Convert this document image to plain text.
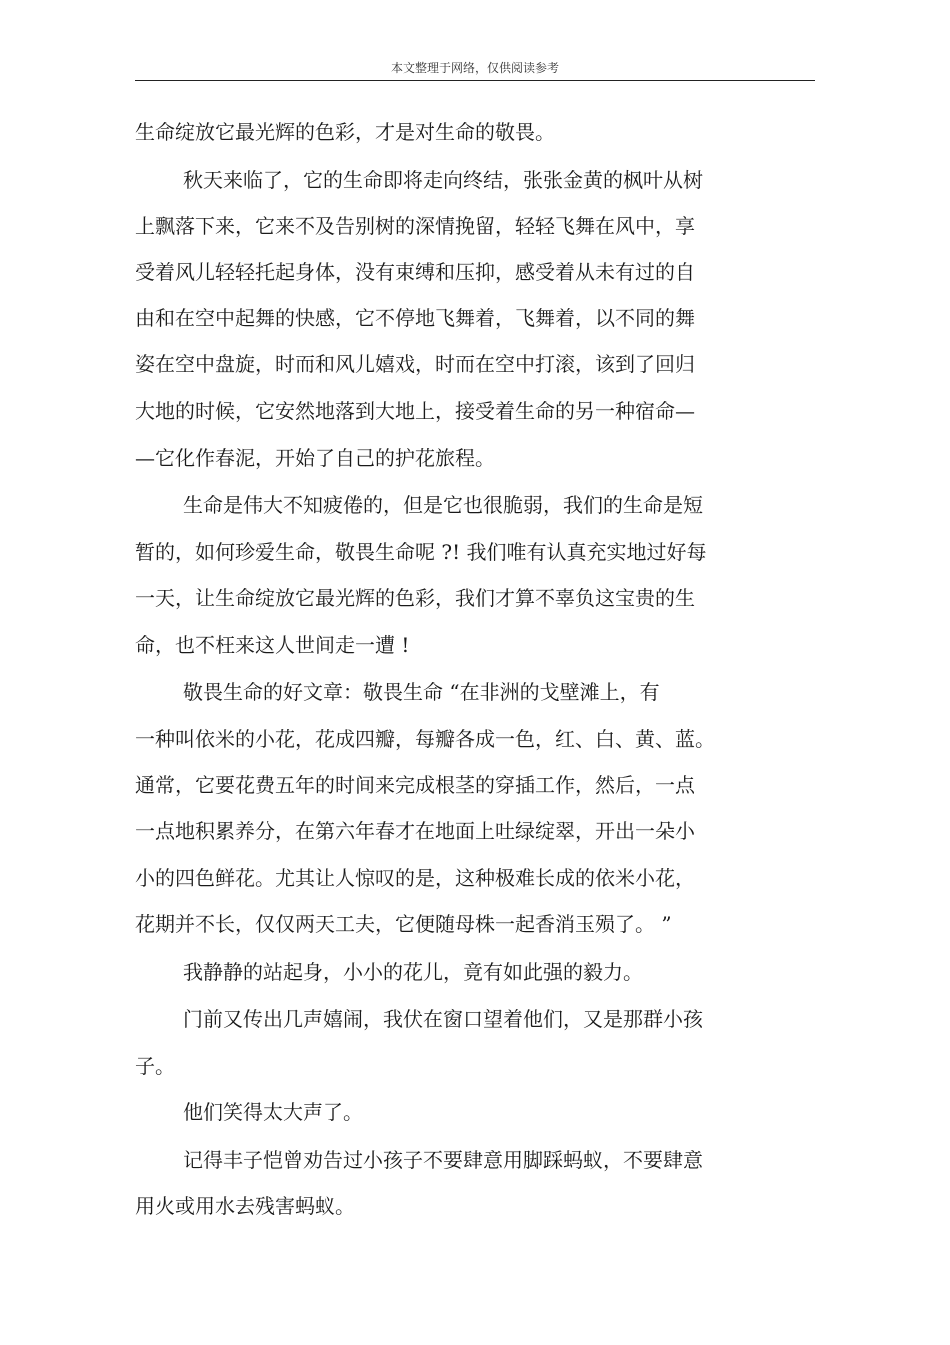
本文整理于网络，仅供阅读参考
生命绽放它最光辉的色彩，才是对生命的敬畏。
秋天来临了，它的生命即将走向终结，张张金黄的枫叶从树
上飘落下来，它来不及告别树的深情挽留，轻轻飞舞在风中，享
受着风儿轻轻托起身体，没有束缚和压抑，感受着从未有过的自
由和在空中起舞的快感，它不停地飞舞着，飞舞着，以不同的舞
姿在空中盘旋，时而和风儿嬉戏，时而在空中打滚，该到了回归
大地的时候，它安然地落到大地上，接受着生命的另一种宿命—
—它化作春泥，开始了自己的护花旅程。
生命是伟大不知疲倦的，但是它也很脆弱，我们的生命是短
暂的，如何珍爱生命，敬畏生命呢 ?! 我们唯有认真充实地过好每
一天，让生命绽放它最光辉的色彩，我们才算不辜负这宝贵的生
命，也不枉来这人世间走一遭 !
敬畏生命的好文章：敬畏生命 “在非洲的戈壁滩上，有
一种叫依米的小花，花成四瓣，每瓣各成一色，红、白、黄、蓝。
通常，它要花费五年的时间来完成根茎的穿插工作，然后，一点
一点地积累养分，在第六年春才在地面上吐绿绽翠，开出一朵小
小的四色鲜花。尤其让人惊叹的是，这种极难长成的依米小花，
花期并不长，仅仅两天工夫，它便随母株一起香消玉殒了。 ”
我静静的站起身，小小的花儿，竟有如此强的毅力。
门前又传出几声嬉闹，我伏在窗口望着他们，又是那群小孩
子。
他们笑得太大声了。
记得丰子恺曾劝告过小孩子不要肆意用脚踩蚂蚁，不要肆意
用火或用水去残害蚂蚁。
